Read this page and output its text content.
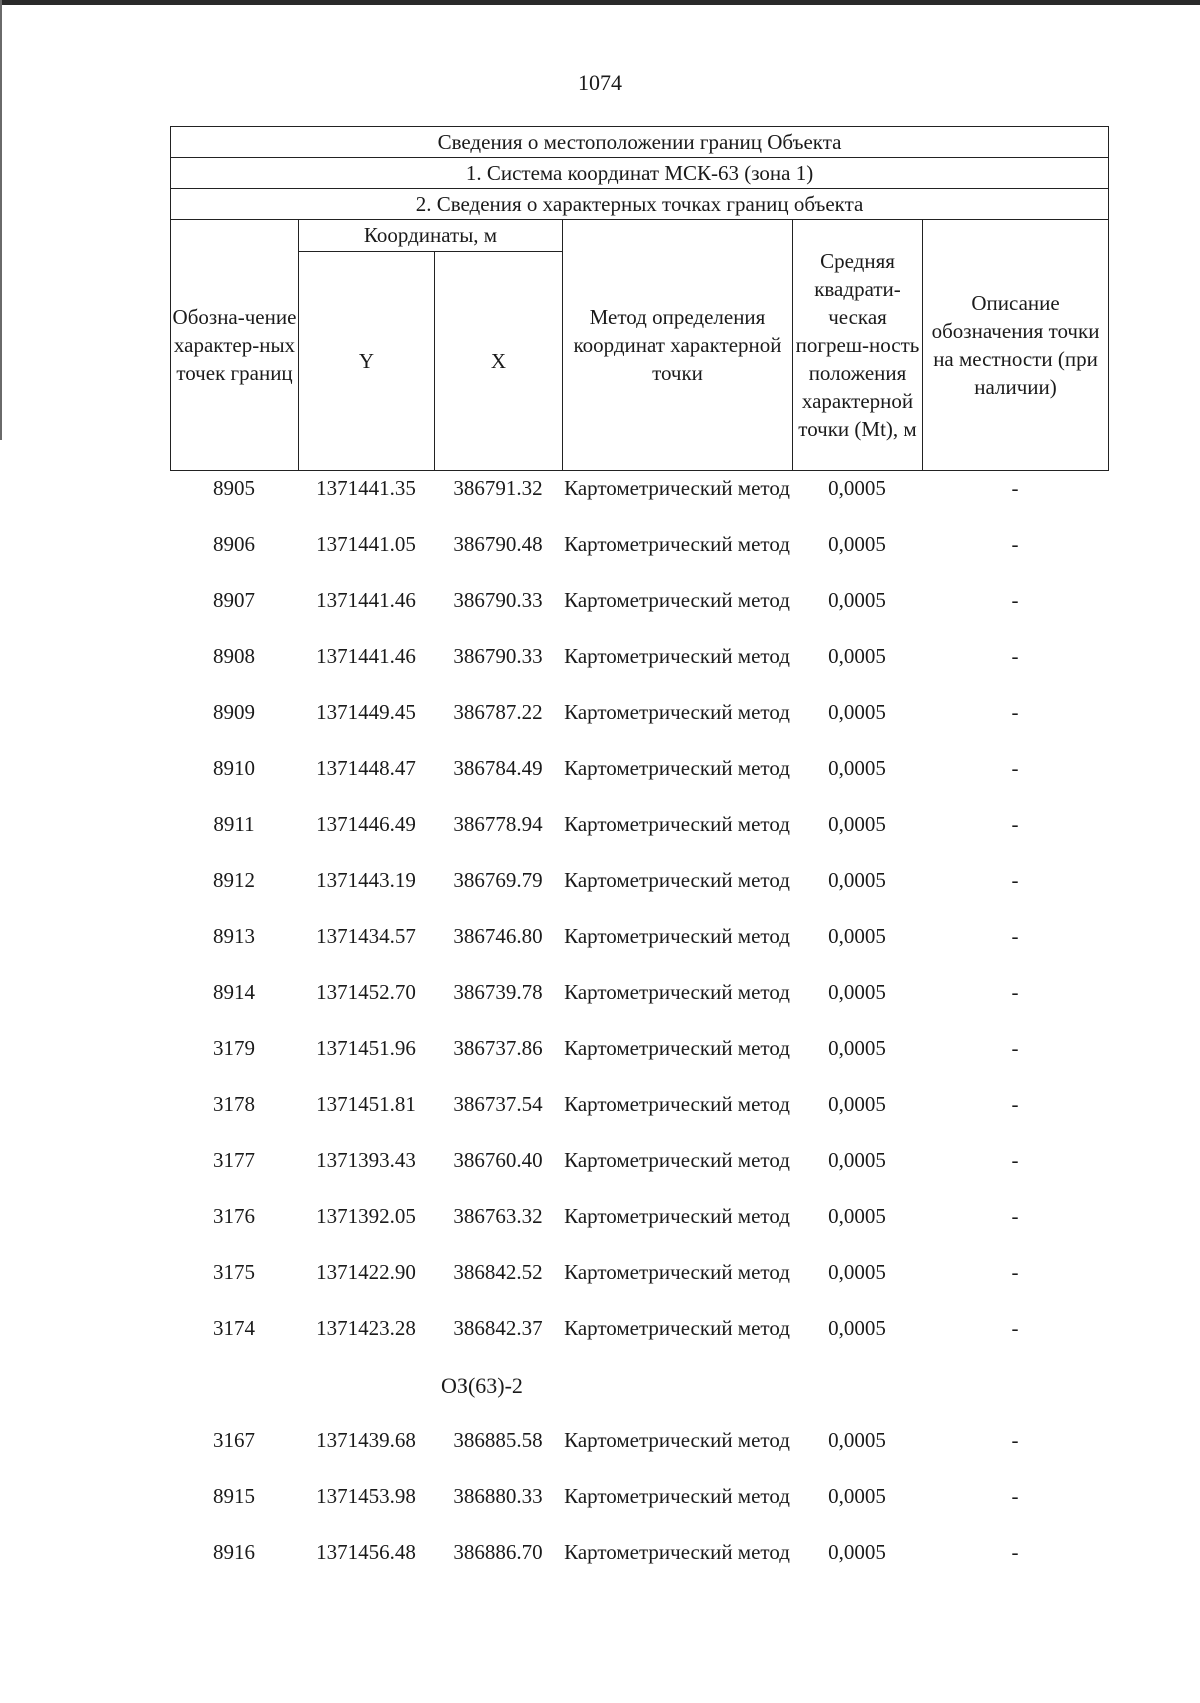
1074
Сведения о местоположении границ Объекта					
1. Система координат МСК-63 (зона 1)					
2. Сведения о характерных точках границ объекта					
Обозна-чение характер-ных точек границ	Координаты, м		Метод определения координат характерной точки	Средняя квадрати-ческая погреш-ность положения характерной точки (Mt), м	Описание обозначения точки на местности (при наличии)
	Y	X			
8905	1371441.35	386791.32	Картометрический метод	0,0005	-
8906	1371441.05	386790.48	Картометрический метод	0,0005	-
8907	1371441.46	386790.33	Картометрический метод	0,0005	-
8908	1371441.46	386790.33	Картометрический метод	0,0005	-
8909	1371449.45	386787.22	Картометрический метод	0,0005	-
8910	1371448.47	386784.49	Картометрический метод	0,0005	-
8911	1371446.49	386778.94	Картометрический метод	0,0005	-
8912	1371443.19	386769.79	Картометрический метод	0,0005	-
8913	1371434.57	386746.80	Картометрический метод	0,0005	-
8914	1371452.70	386739.78	Картометрический метод	0,0005	-
3179	1371451.96	386737.86	Картометрический метод	0,0005	-
3178	1371451.81	386737.54	Картометрический метод	0,0005	-
3177	1371393.43	386760.40	Картометрический метод	0,0005	-
3176	1371392.05	386763.32	Картометрический метод	0,0005	-
3175	1371422.90	386842.52	Картометрический метод	0,0005	-
3174	1371423.28	386842.37	Картометрический метод	0,0005	-
ОЗ(63)-2
3167	1371439.68	386885.58	Картометрический метод	0,0005	-
8915	1371453.98	386880.33	Картометрический метод	0,0005	-
8916	1371456.48	386886.70	Картометрический метод	0,0005	-
